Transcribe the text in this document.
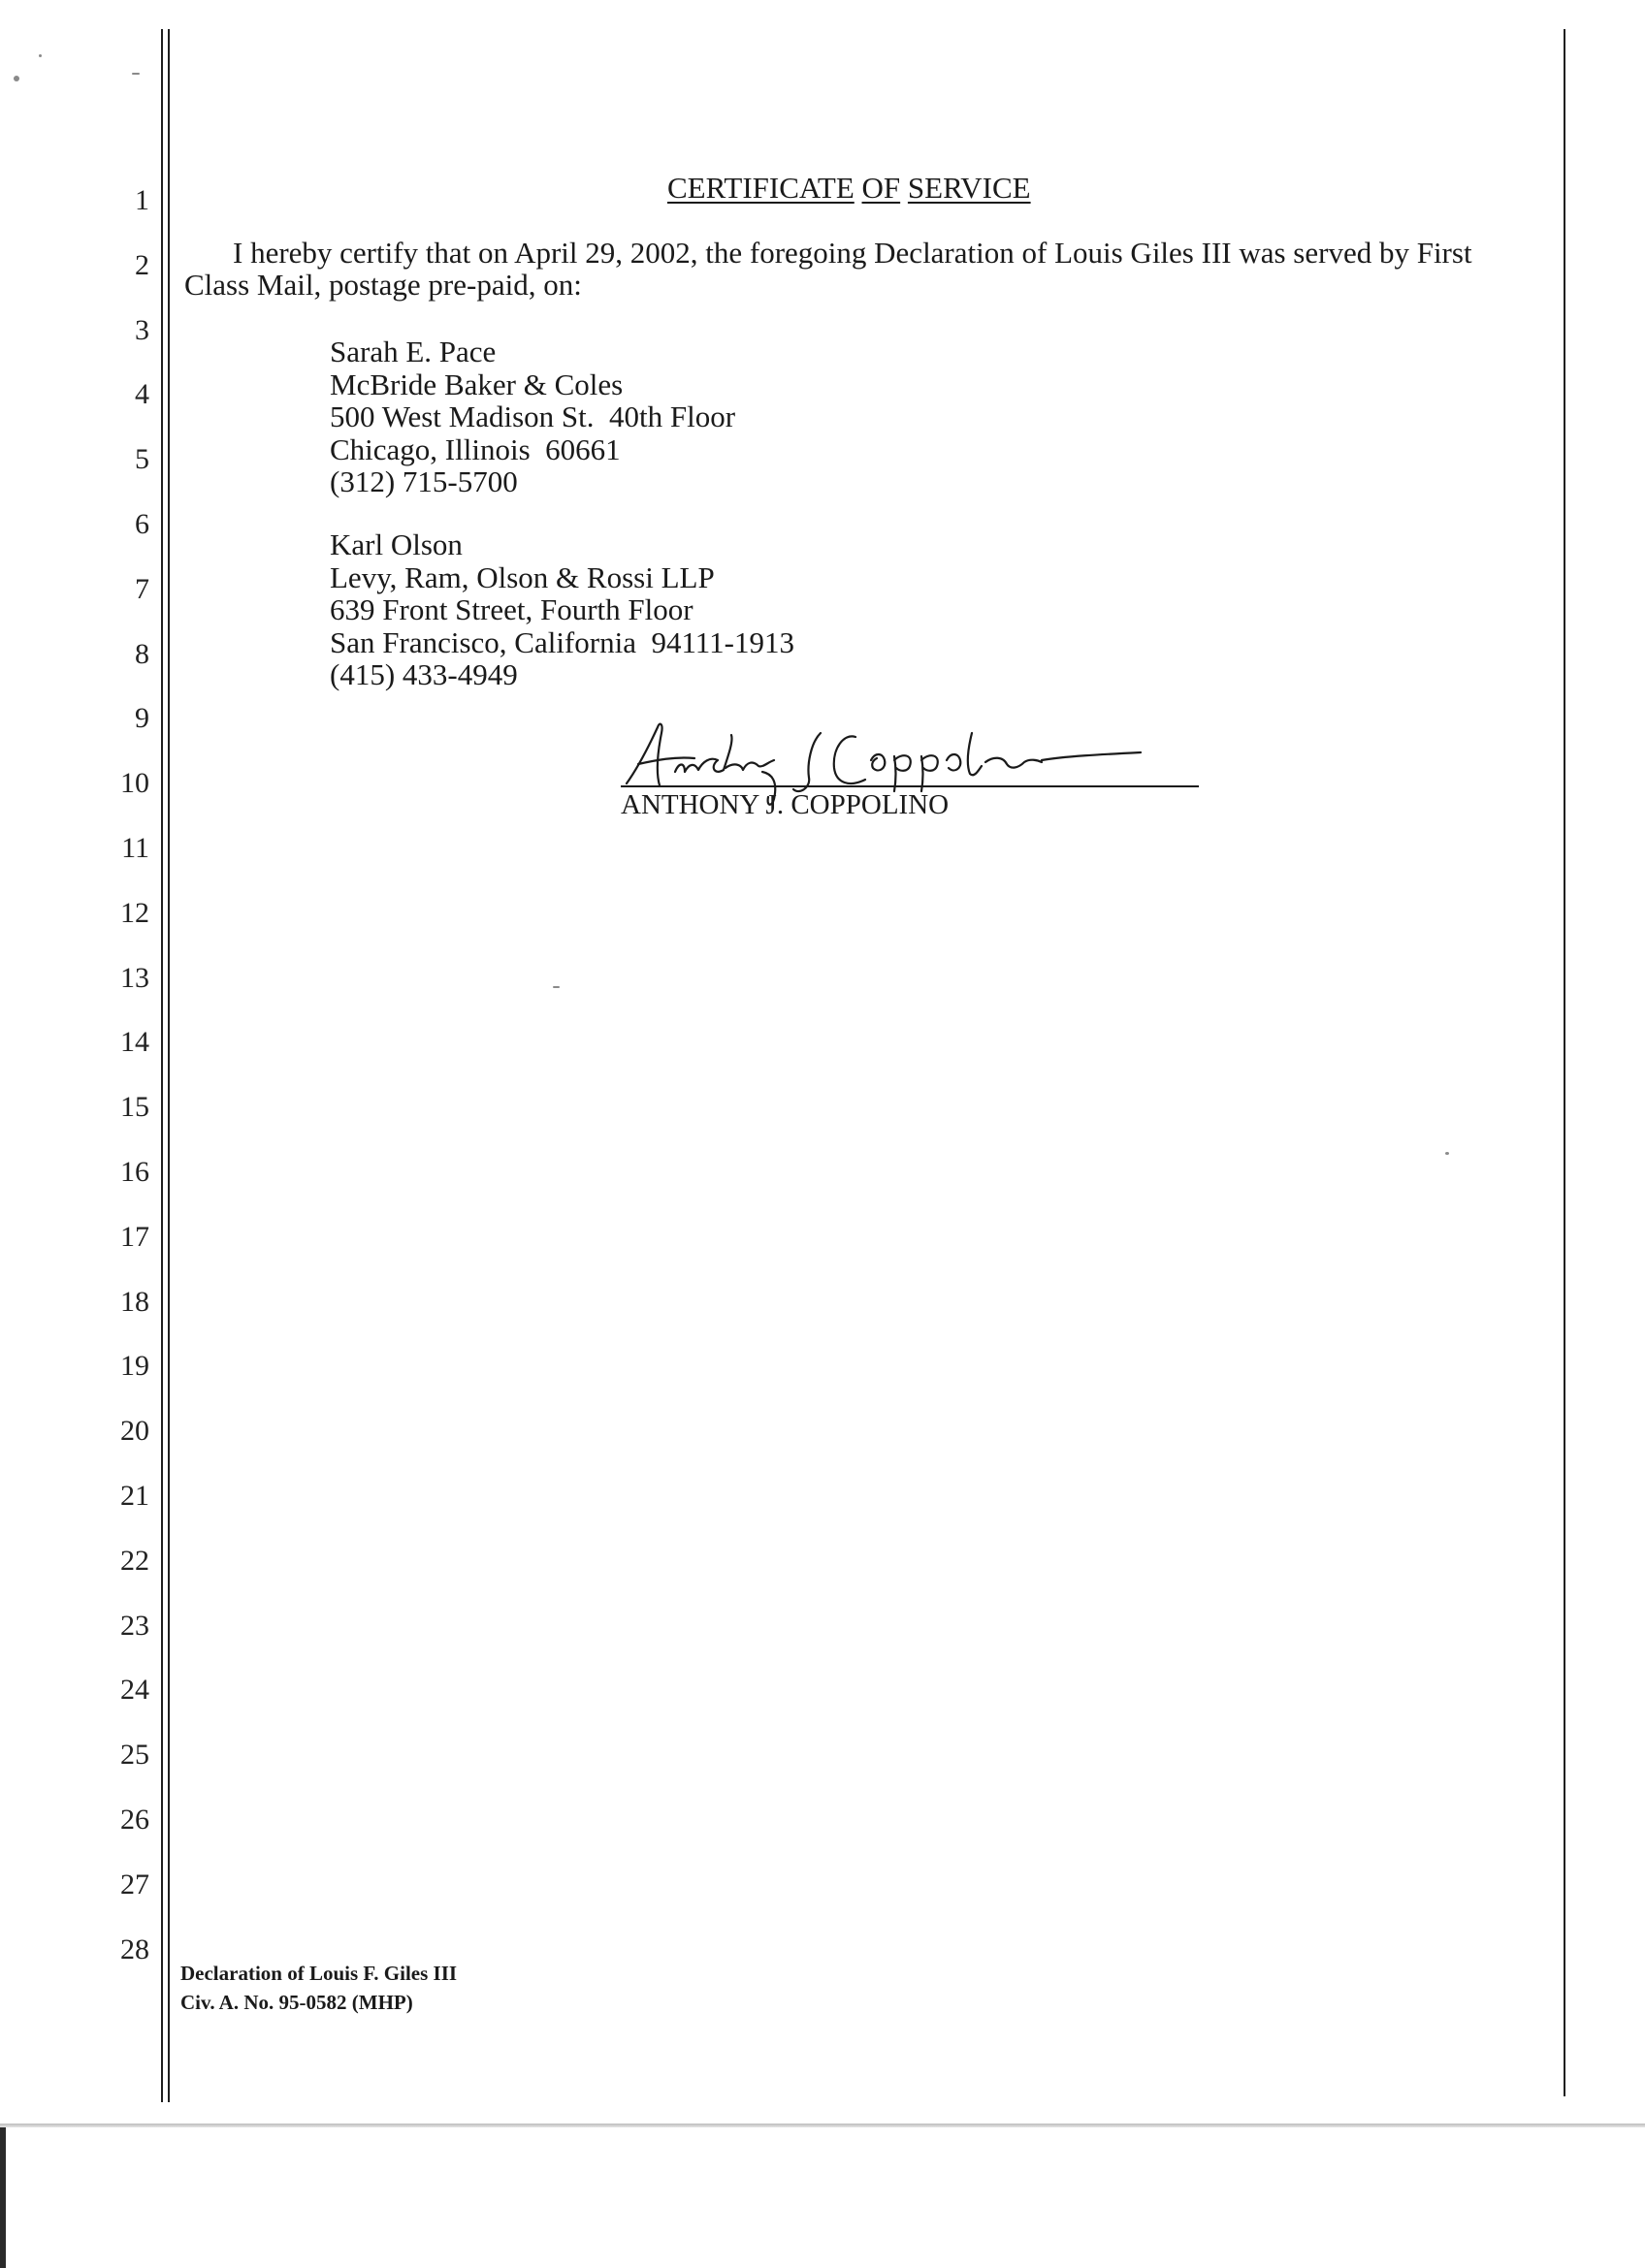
1
2
3
4
5
6
7
8
9
10
11
12
13
14
15
16
17
18
19
20
21
22
23
24
25
26
27
28
CERTIFICATE OF SERVICE
I hereby certify that on April 29, 2002, the foregoing Declaration of Louis Giles III was served by First Class Mail, postage pre-paid, on:
Sarah E. Pace
McBride Baker & Coles
500 West Madison St.  40th Floor
Chicago, Illinois  60661
(312) 715-5700
Karl Olson
Levy, Ram, Olson & Rossi LLP
639 Front Street, Fourth Floor
San Francisco, California  94111-1913
(415) 433-4949
ANTHONY J. COPPOLINO
Declaration of Louis F. Giles III
Civ. A. No. 95-0582 (MHP)
